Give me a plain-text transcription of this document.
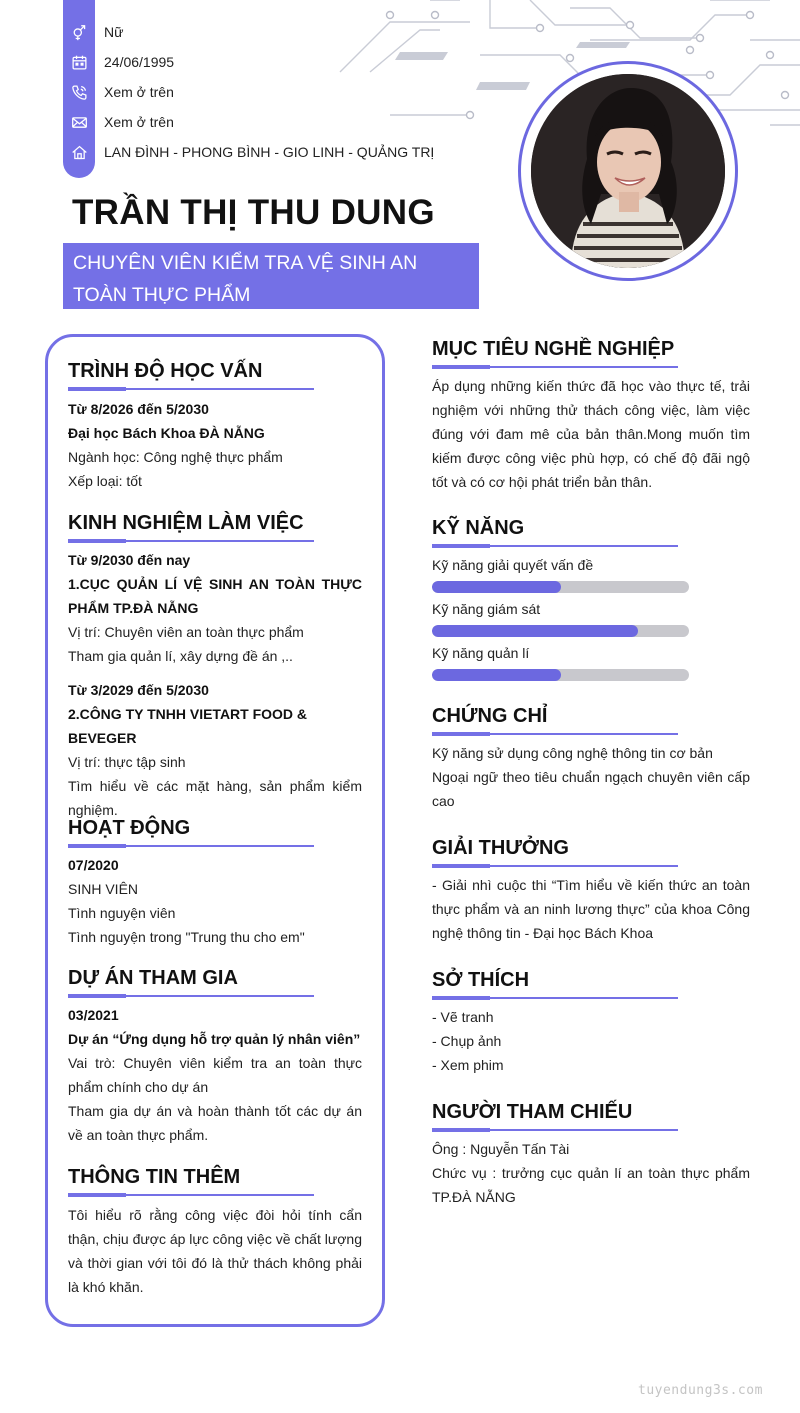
Nữ
24/06/1995
Xem ở trên
Xem ở trên
LAN ĐÌNH - PHONG BÌNH - GIO LINH - QUẢNG TRỊ
TRẦN THỊ THU DUNG
CHUYÊN VIÊN KIỂM TRA VỆ SINH AN TOÀN THỰC PHẨM
TRÌNH ĐỘ HỌC VẤN

Từ 8/2026 đến 5/2030

Đại học Bách Khoa ĐÀ NẴNG

Ngành học: Công nghệ thực phẩm

Xếp loại: tốt

KINH NGHIỆM LÀM VIỆC

Từ 9/2030 đến nay

1.CỤC QUẢN LÍ VỆ SINH AN TOÀN THỰC PHẨM TP.ĐÀ NẴNG

Vị trí: Chuyên viên an toàn thực phẩm

Tham gia quản lí, xây dựng đề án ,..

Từ 3/2029 đến 5/2030

2.CÔNG TY TNHH VIETART FOOD & BEVEGER

Vị trí: thực tập sinh

Tìm hiểu về các mặt hàng, sản phẩm kiểm nghiệm.

HOẠT ĐỘNG

07/2020

SINH VIÊN

Tình nguyện viên

Tình nguyện trong "Trung thu cho em"

DỰ ÁN THAM GIA

03/2021

Dự án “Ứng dụng hỗ trợ quản lý nhân viên”

Vai trò: Chuyên viên kiểm tra an toàn thực phẩm chính cho dự án

Tham gia dự án và hoàn thành tốt các dự án về an toàn thực phẩm.

THÔNG TIN THÊM
Tôi hiểu rõ rằng công việc đòi hỏi tính cẩn thận, chịu được áp lực công việc về chất lượng và thời gian với tôi đó là thử thách không phải là khó khăn.
MỤC TIÊU NGHỀ NGHIỆP
Áp dụng những kiến thức đã học vào thực tế, trải nghiệm với những thử thách công việc, làm việc đúng với đam mê của bản thân.Mong muốn tìm kiếm được công việc phù hợp, có chế độ đãi ngộ tốt và có cơ hội phát triển bản thân.
KỸ NĂNG
Kỹ năng giải quyết vấn đề
Kỹ năng giám sát
Kỹ năng quản lí
CHỨNG CHỈ

Kỹ năng sử dụng công nghệ thông tin cơ bản

Ngoại ngữ theo tiêu chuẩn ngạch chuyên viên cấp cao

GIẢI THƯỞNG
- Giải nhì cuộc thi “Tìm hiểu về kiến thức an toàn thực phẩm và an ninh lương thực” của khoa Công nghệ thông tin - Đại học Bách Khoa
SỞ THÍCH

- Vẽ tranh

- Chụp ảnh

- Xem phim

NGƯỜI THAM CHIẾU

Ông : Nguyễn Tấn Tài

Chức vụ : trưởng cục quản lí an toàn thực phẩm TP.ĐÀ NẴNG

tuyendung3s.com
